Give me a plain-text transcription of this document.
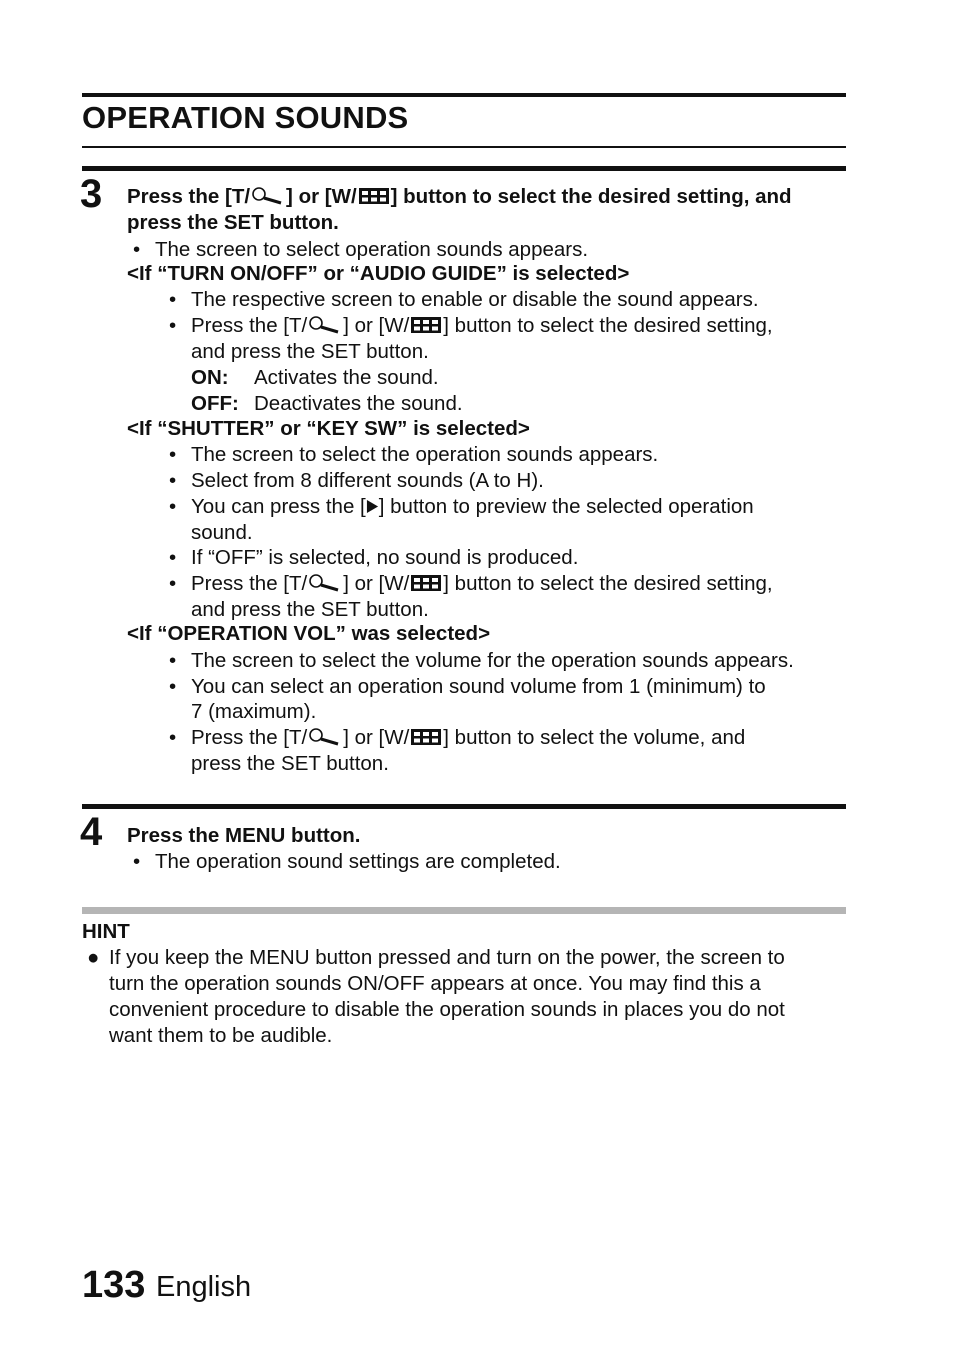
OPERATION SOUNDS
3 Press the [T/ ] or [W/ ] button to select the desired setting, and
press the SET button.
• The screen to select operation sounds appears.
<If “TURN ON/OFF” or “AUDIO GUIDE” is selected>
• The respective screen to enable or disable the sound appears.
• Press the [T/ ] or [W/ ] button to select the desired setting,
and press the SET button.
ON: Activates the sound.
OFF: Deactivates the sound.
<If “SHUTTER” or “KEY SW” is selected>
• The screen to select the operation sounds appears.
• Select from 8 different sounds (A to H).
• You can press the [ ] button to preview the selected operation
sound.
• If “OFF” is selected, no sound is produced.
• Press the [T/ ] or [W/ ] button to select the desired setting,
and press the SET button.
<If “OPERATION VOL” was selected>
• The screen to select the volume for the operation sounds appears.
• You can select an operation sound volume from 1 (minimum) to
7 (maximum).
• Press the [T/ ] or [W/ ] button to select the volume, and
press the SET button.
4 Press the MENU button.
• The operation sound settings are completed.
HINT
● If you keep the MENU button pressed and turn on the power, the screen to
turn the operation sounds ON/OFF appears at once. You may find this a
convenient procedure to disable the operation sounds in places you do not
want them to be audible.
133 English
